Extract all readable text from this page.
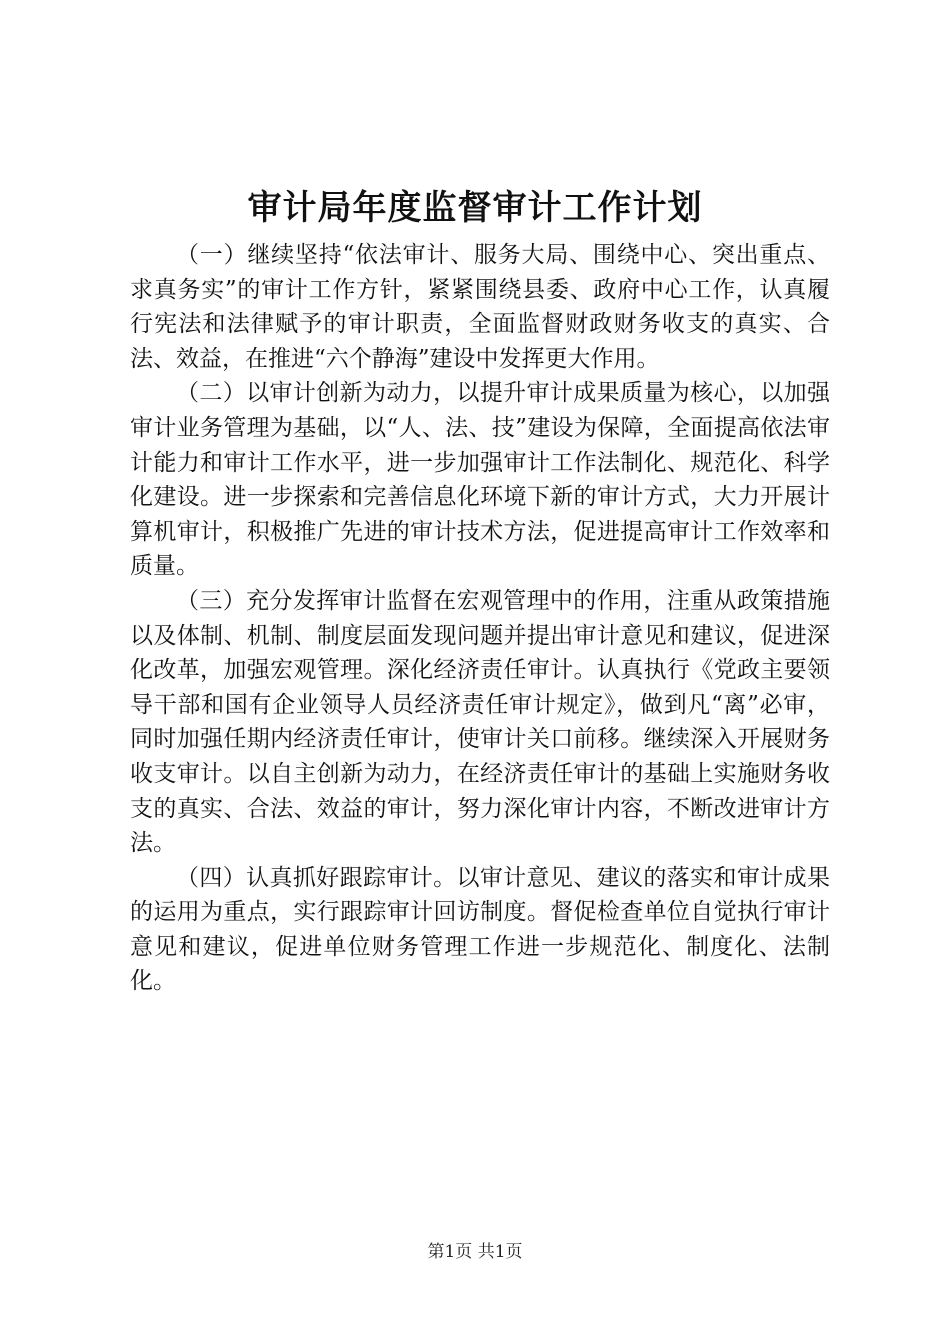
审计局年度监督审计工作计划

（一）继续坚持“依法审计、服务大局、围绕中心、突出重点、求真务实”的审计工作方针，紧紧围绕县委、政府中心工作，认真履行宪法和法律赋予的审计职责，全面监督财政财务收支的真实、合法、效益，在推进“六个静海”建设中发挥更大作用。

（二）以审计创新为动力，以提升审计成果质量为核心，以加强审计业务管理为基础，以“人、法、技”建设为保障，全面提高依法审计能力和审计工作水平，进一步加强审计工作法制化、规范化、科学化建设。进一步探索和完善信息化环境下新的审计方式，大力开展计算机审计，积极推广先进的审计技术方法，促进提高审计工作效率和质量。

（三）充分发挥审计监督在宏观管理中的作用，注重从政策措施以及体制、机制、制度层面发现问题并提出审计意见和建议，促进深化改革，加强宏观管理。深化经济责任审计。认真执行《党政主要领导干部和国有企业领导人员经济责任审计规定》，做到凡“离”必审，同时加强任期内经济责任审计，使审计关口前移。继续深入开展财务收支审计。以自主创新为动力，在经济责任审计的基础上实施财务收支的真实、合法、效益的审计，努力深化审计内容，不断改进审计方法。

（四）认真抓好跟踪审计。以审计意见、建议的落实和审计成果的运用为重点，实行跟踪审计回访制度。督促检查单位自觉执行审计意见和建议，促进单位财务管理工作进一步规范化、制度化、法制化。

第1页 共1页
